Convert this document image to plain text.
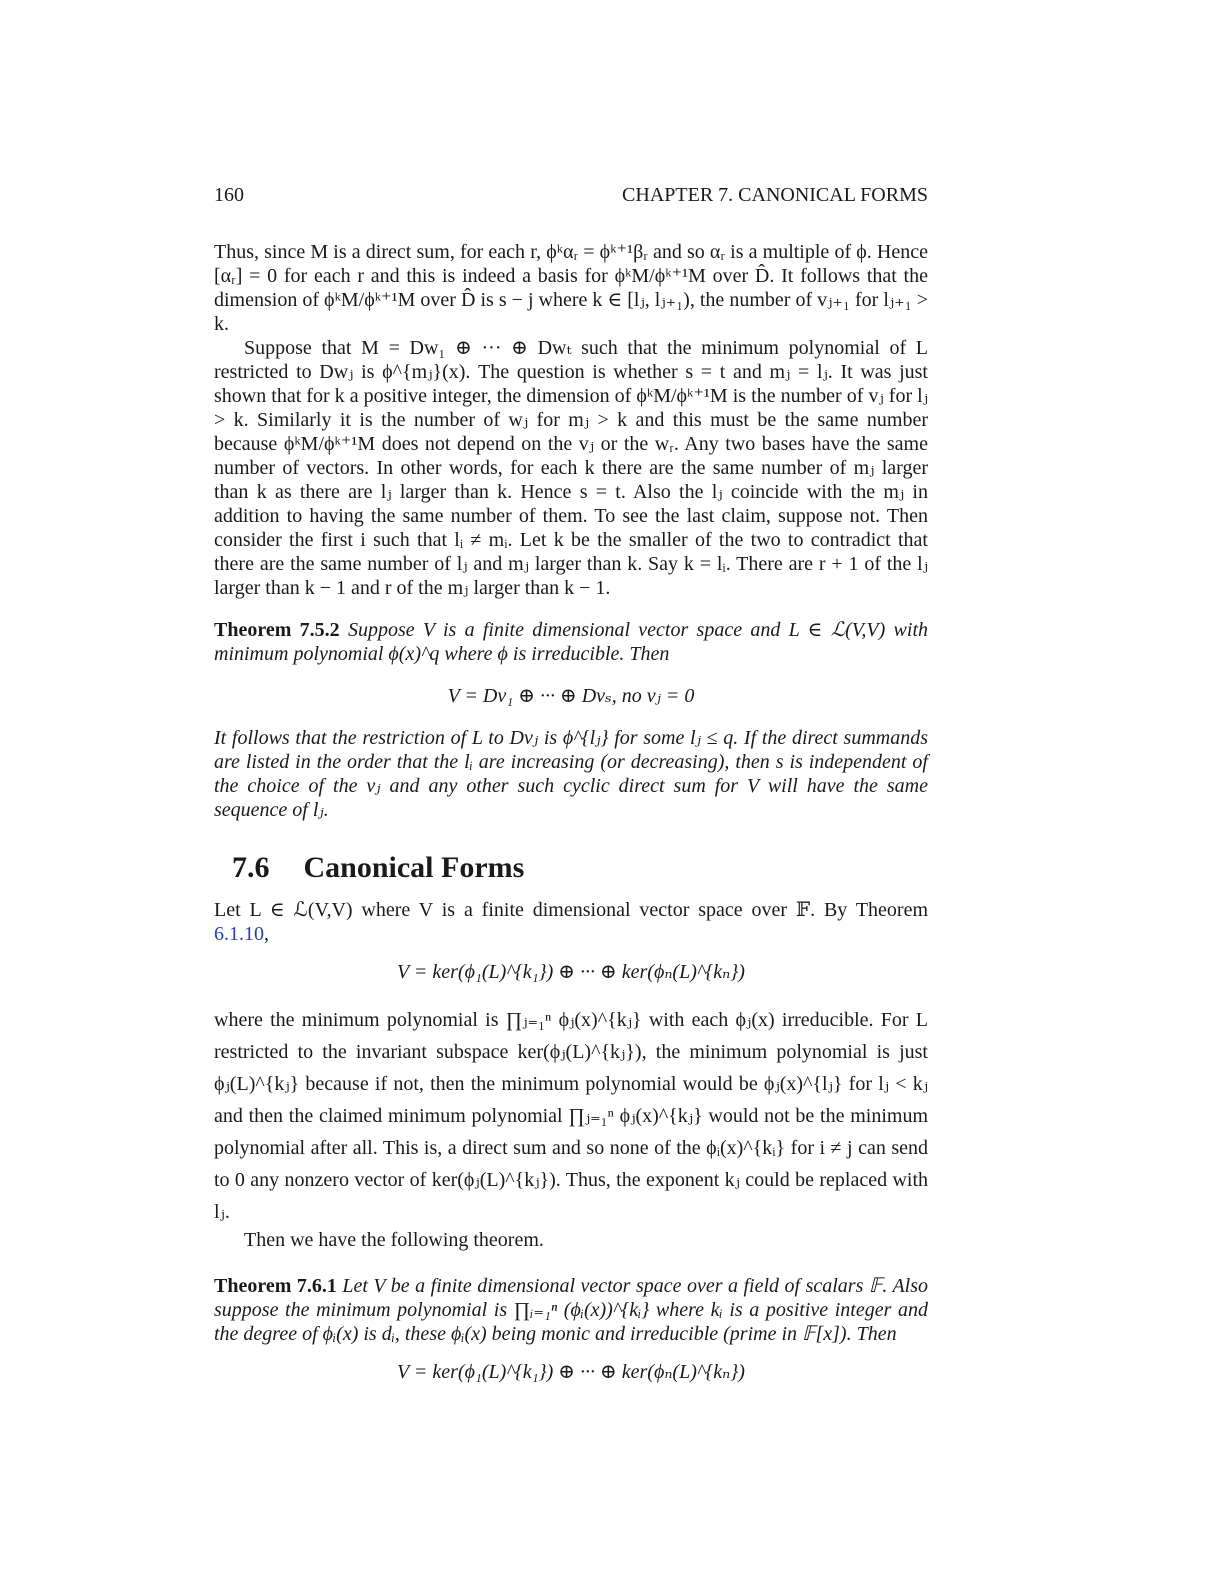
160	CHAPTER 7. CANONICAL FORMS

Thus, since M is a direct sum, for each r, ϕᵏαᵣ = ϕᵏ⁺¹βᵣ and so αᵣ is a multiple of ϕ. Hence [αᵣ] = 0 for each r and this is indeed a basis for ϕᵏM/ϕᵏ⁺¹M over D̂. It follows that the dimension of ϕᵏM/ϕᵏ⁺¹M over D̂ is s − j where k ∈ [lⱼ, lⱼ₊₁), the number of vⱼ₊₁ for lⱼ₊₁ > k.

Suppose that M = Dw₁ ⊕ ··· ⊕ Dwₜ such that the minimum polynomial of L restricted to Dwⱼ is ϕ^{mⱼ}(x). The question is whether s = t and mⱼ = lⱼ. It was just shown that for k a positive integer, the dimension of ϕᵏM/ϕᵏ⁺¹M is the number of vⱼ for lⱼ > k. Similarly it is the number of wⱼ for mⱼ > k and this must be the same number because ϕᵏM/ϕᵏ⁺¹M does not depend on the vⱼ or the wᵣ. Any two bases have the same number of vectors. In other words, for each k there are the same number of mⱼ larger than k as there are lⱼ larger than k. Hence s = t. Also the lⱼ coincide with the mⱼ in addition to having the same number of them. To see the last claim, suppose not. Then consider the first i such that lᵢ ≠ mᵢ. Let k be the smaller of the two to contradict that there are the same number of lⱼ and mⱼ larger than k. Say k = lᵢ. There are r + 1 of the lⱼ larger than k − 1 and r of the mⱼ larger than k − 1.

Theorem 7.5.2 Suppose V is a finite dimensional vector space and L ∈ ℒ(V,V) with minimum polynomial ϕ(x)^q where ϕ is irreducible. Then
V = Dv₁ ⊕ ··· ⊕ Dvₛ, no vⱼ = 0

It follows that the restriction of L to Dvⱼ is ϕ^{lⱼ} for some lⱼ ≤ q. If the direct summands are listed in the order that the lᵢ are increasing (or decreasing), then s is independent of the choice of the vⱼ and any other such cyclic direct sum for V will have the same sequence of lⱼ.

7.6 Canonical Forms

Let L ∈ ℒ(V,V) where V is a finite dimensional vector space over 𝔽. By Theorem 6.1.10,

V = ker(ϕ₁(L)^{k₁}) ⊕ ··· ⊕ ker(ϕₙ(L)^{kₙ})

where the minimum polynomial is ∏ⱼ₌₁ⁿ ϕⱼ(x)^{kⱼ} with each ϕⱼ(x) irreducible. For L restricted to the invariant subspace ker(ϕⱼ(L)^{kⱼ}), the minimum polynomial is just ϕⱼ(L)^{kⱼ} because if not, then the minimum polynomial would be ϕⱼ(x)^{lⱼ} for lⱼ < kⱼ and then the claimed minimum polynomial ∏ⱼ₌₁ⁿ ϕⱼ(x)^{kⱼ} would not be the minimum polynomial after all. This is, a direct sum and so none of the ϕᵢ(x)^{kᵢ} for i ≠ j can send to 0 any nonzero vector of ker(ϕⱼ(L)^{kⱼ}). Thus, the exponent kⱼ could be replaced with lⱼ.

Then we have the following theorem.

Theorem 7.6.1 Let V be a finite dimensional vector space over a field of scalars 𝔽. Also suppose the minimum polynomial is ∏ᵢ₌₁ⁿ (ϕᵢ(x))^{kᵢ} where kᵢ is a positive integer and the degree of ϕᵢ(x) is dᵢ, these ϕᵢ(x) being monic and irreducible (prime in 𝔽[x]). Then
V = ker(ϕ₁(L)^{k₁}) ⊕ ··· ⊕ ker(ϕₙ(L)^{kₙ})
